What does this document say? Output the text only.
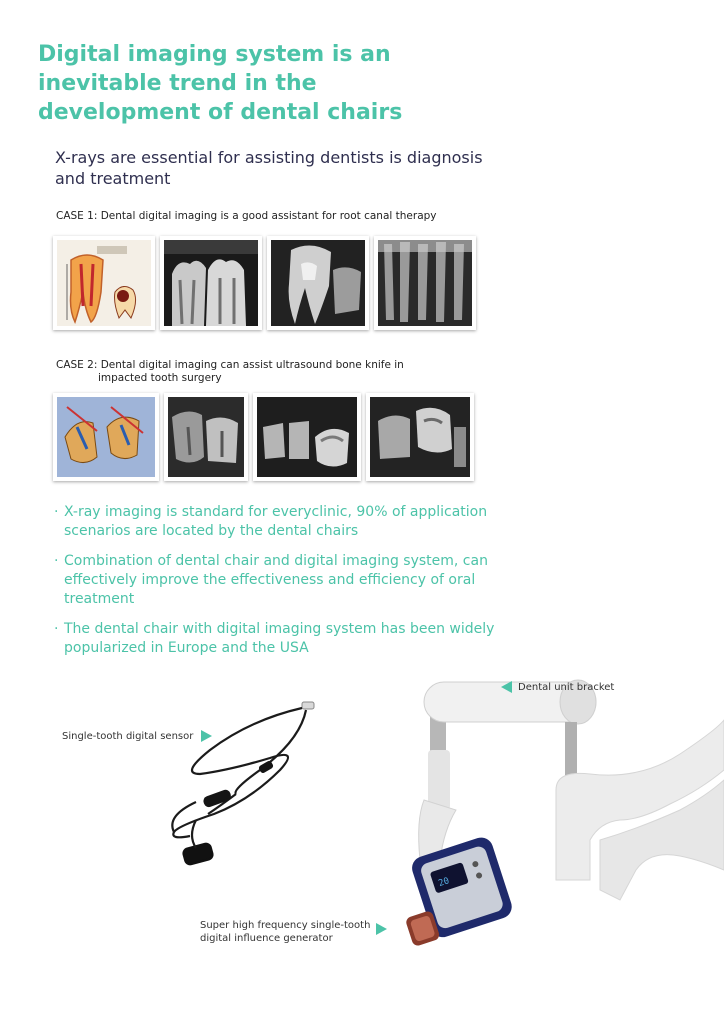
Digital imaging system is an inevitable trend in the development of dental chairs
X-rays are essential for assisting dentists is diagnosis and treatment
CASE 1: Dental digital imaging is a good assistant for root canal therapy
CASE 2: Dental digital imaging can assist ultrasound bone knife in
impacted tooth surgery
· X-ray imaging is standard for everyclinic, 90% of application scenarios are located by the dental chairs
· Combination of dental chair and digital imaging system, can effectively improve the effectiveness and efficiency of oral treatment
· The dental chair with digital imaging system has been widely popularized in Europe and the USA
20
Dental unit bracket
Single-tooth digital sensor
Super high frequency single-tooth
digital influence generator
